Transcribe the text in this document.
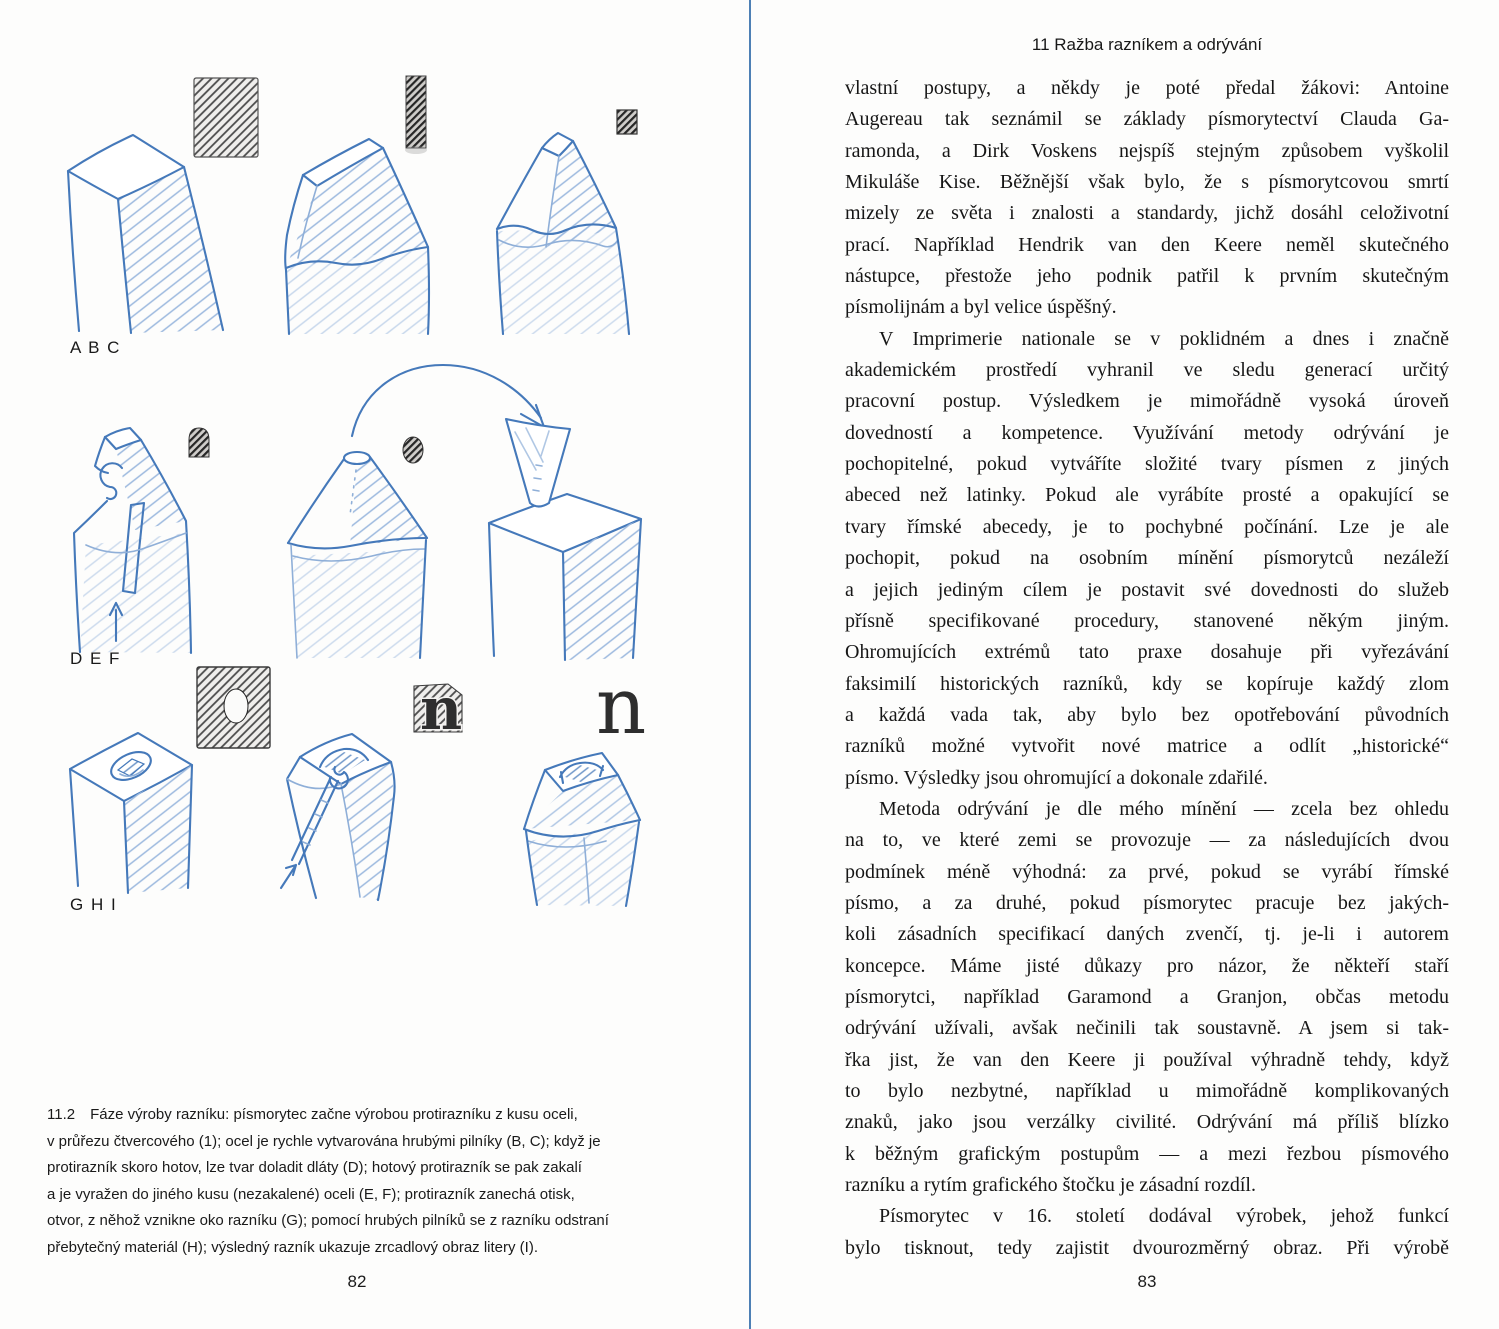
n n
A B C
D E F
G H I
11.2 Fáze výroby razníku: písmorytec začne výrobou protirazníku z kusu oceli,
v průřezu čtvercového (1); ocel je rychle vytvarována hrubými pilníky (B, C); když je
protirazník skoro hotov, lze tvar doladit dláty (D); hotový protirazník se pak zakalí
a je vyražen do jiného kusu (nezakalené) oceli (E, F); protirazník zanechá otisk,
otvor, z něhož vznikne oko razníku (G); pomocí hrubých pilníků se z razníku odstraní
přebytečný materiál (H); výsledný razník ukazuje zrcadlový obraz litery (I).
82
11 Ražba razníkem a odrývání
vlastní postupy, a někdy je poté předal žákovi: Antoine
Augereau tak seznámil se základy písmorytectví Clauda Ga-
ramonda, a Dirk Voskens nejspíš stejným způsobem vyškolil
Mikuláše Kise. Běžnější však bylo, že s písmorytcovou smrtí
mizely ze světa i znalosti a standardy, jichž dosáhl celoživotní
prací. Například Hendrik van den Keere neměl skutečného
nástupce, přestože jeho podnik patřil k prvním skutečným
písmolijnám a byl velice úspěšný.
V Imprimerie nationale se v poklidném a dnes i značně
akademickém prostředí vyhranil ve sledu generací určitý
pracovní postup. Výsledkem je mimořádně vysoká úroveň
dovedností a kompetence. Využívání metody odrývání je
pochopitelné, pokud vytváříte složité tvary písmen z jiných
abeced než latinky. Pokud ale vyrábíte prosté a opakující se
tvary římské abecedy, je to pochybné počínání. Lze je ale
pochopit, pokud na osobním mínění písmorytců nezáleží
a jejich jediným cílem je postavit své dovednosti do služeb
přísně specifikované procedury, stanovené někým jiným.
Ohromujících extrémů tato praxe dosahuje při vyřezávání
faksimilí historických razníků, kdy se kopíruje každý zlom
a každá vada tak, aby bylo bez opotřebování původních
razníků možné vytvořit nové matrice a odlít „historické“
písmo. Výsledky jsou ohromující a dokonale zdařilé.
Metoda odrývání je dle mého mínění — zcela bez ohledu
na to, ve které zemi se provozuje — za následujících dvou
podmínek méně výhodná: za prvé, pokud se vyrábí římské
písmo, a za druhé, pokud písmorytec pracuje bez jakých-
koli zásadních specifikací daných zvenčí, tj. je-li i autorem
koncepce. Máme jisté důkazy pro názor, že někteří staří
písmorytci, například Garamond a Granjon, občas metodu
odrývání užívali, avšak nečinili tak soustavně. A jsem si tak-
řka jist, že van den Keere ji používal výhradně tehdy, když
to bylo nezbytné, například u mimořádně komplikovaných
znaků, jako jsou verzálky civilité. Odrývání má příliš blízko
k běžným grafickým postupům — a mezi řezbou písmového
razníku a rytím grafického štočku je zásadní rozdíl.
Písmorytec v 16. století dodával výrobek, jehož funkcí
bylo tisknout, tedy zajistit dvourozměrný obraz. Při výrobě
83
